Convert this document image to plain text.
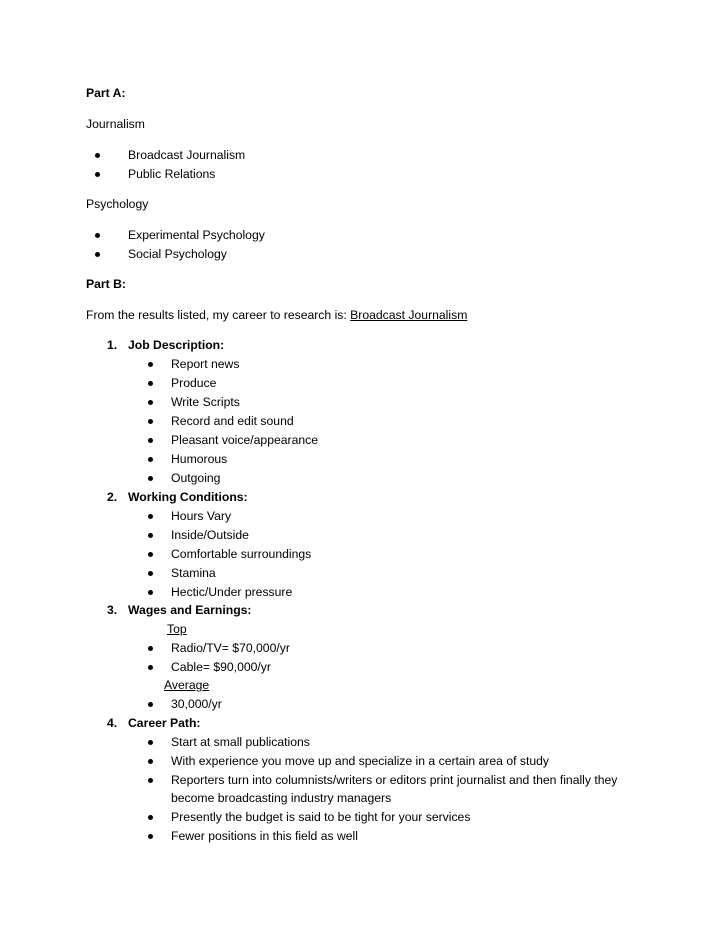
Part A:
Journalism
Broadcast Journalism
Public Relations
Psychology
Experimental Psychology
Social Psychology
Part B:
From the results listed, my career to research is: Broadcast Journalism
1. Job Description:
Report news
Produce
Write Scripts
Record and edit sound
Pleasant voice/appearance
Humorous
Outgoing
2. Working Conditions:
Hours Vary
Inside/Outside
Comfortable surroundings
Stamina
Hectic/Under pressure
3. Wages and Earnings:
Top
Radio/TV= $70,000/yr
Cable= $90,000/yr
Average
30,000/yr
4. Career Path:
Start at small publications
With experience you move up and specialize in a certain area of study
Reporters turn into columnists/writers or editors print journalist and then finally they
become broadcasting industry managers
Presently the budget is said to be tight for your services
Fewer positions in this field as well
